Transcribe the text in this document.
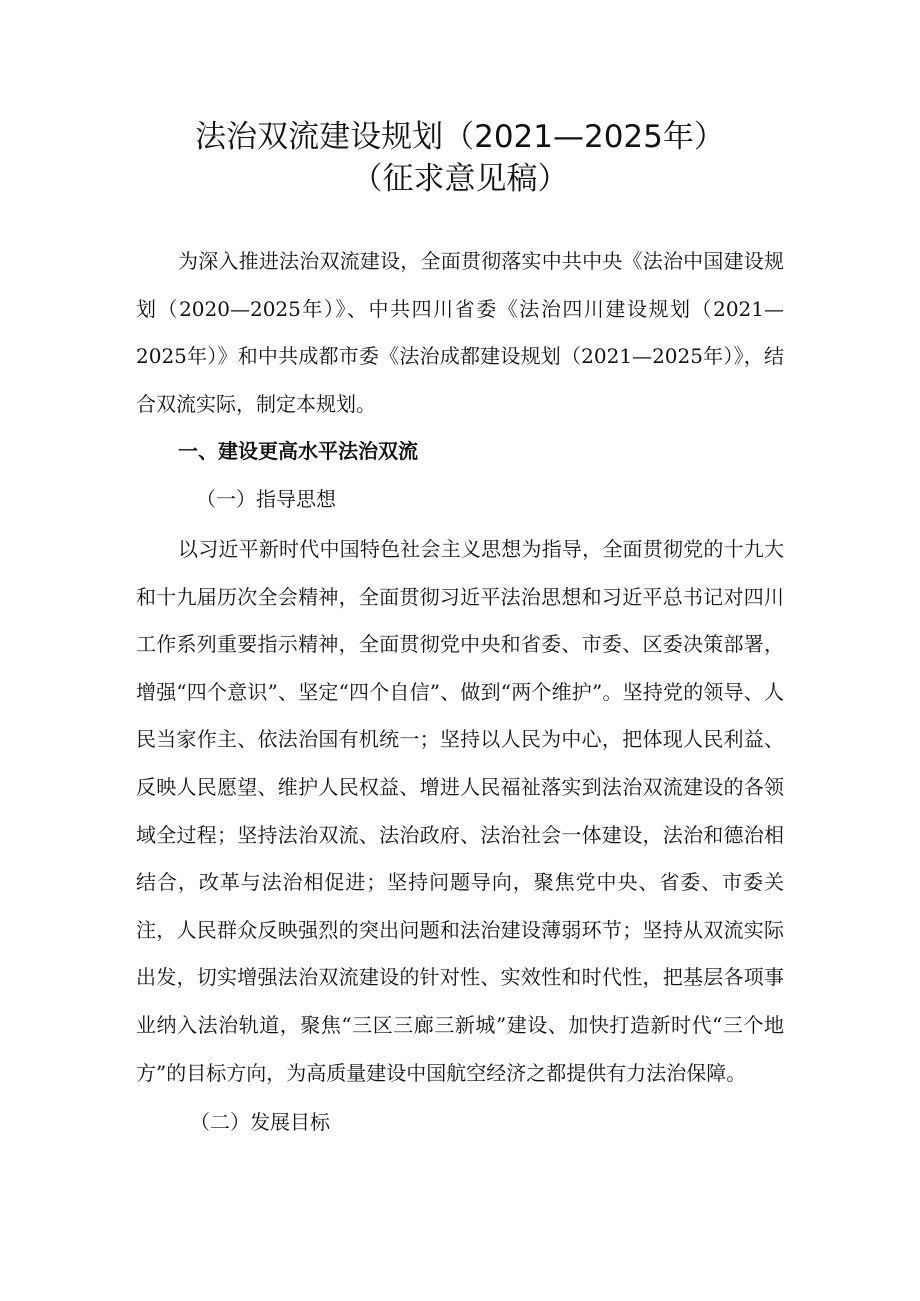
法治双流建设规划（2021—2025年）
（征求意见稿）

为深入推进法治双流建设，全面贯彻落实中共中央《法治中国建设规划（2020—2025年）》、中共四川省委《法治四川建设规划（2021—2025年）》和中共成都市委《法治成都建设规划（2021—2025年）》，结合双流实际，制定本规划。

一、建设更高水平法治双流

（一）指导思想

以习近平新时代中国特色社会主义思想为指导，全面贯彻党的十九大和十九届历次全会精神，全面贯彻习近平法治思想和习近平总书记对四川工作系列重要指示精神，全面贯彻党中央和省委、市委、区委决策部署，增强“四个意识”、坚定“四个自信”、做到“两个维护”。坚持党的领导、人民当家作主、依法治国有机统一；坚持以人民为中心，把体现人民利益、反映人民愿望、维护人民权益、增进人民福祉落实到法治双流建设的各领域全过程；坚持法治双流、法治政府、法治社会一体建设，法治和德治相结合，改革与法治相促进；坚持问题导向，聚焦党中央、省委、市委关注，人民群众反映强烈的突出问题和法治建设薄弱环节；坚持从双流实际出发，切实增强法治双流建设的针对性、实效性和时代性，把基层各项事业纳入法治轨道，聚焦“三区三廊三新城”建设、加快打造新时代“三个地方”的目标方向，为高质量建设中国航空经济之都提供有力法治保障。

（二）发展目标
